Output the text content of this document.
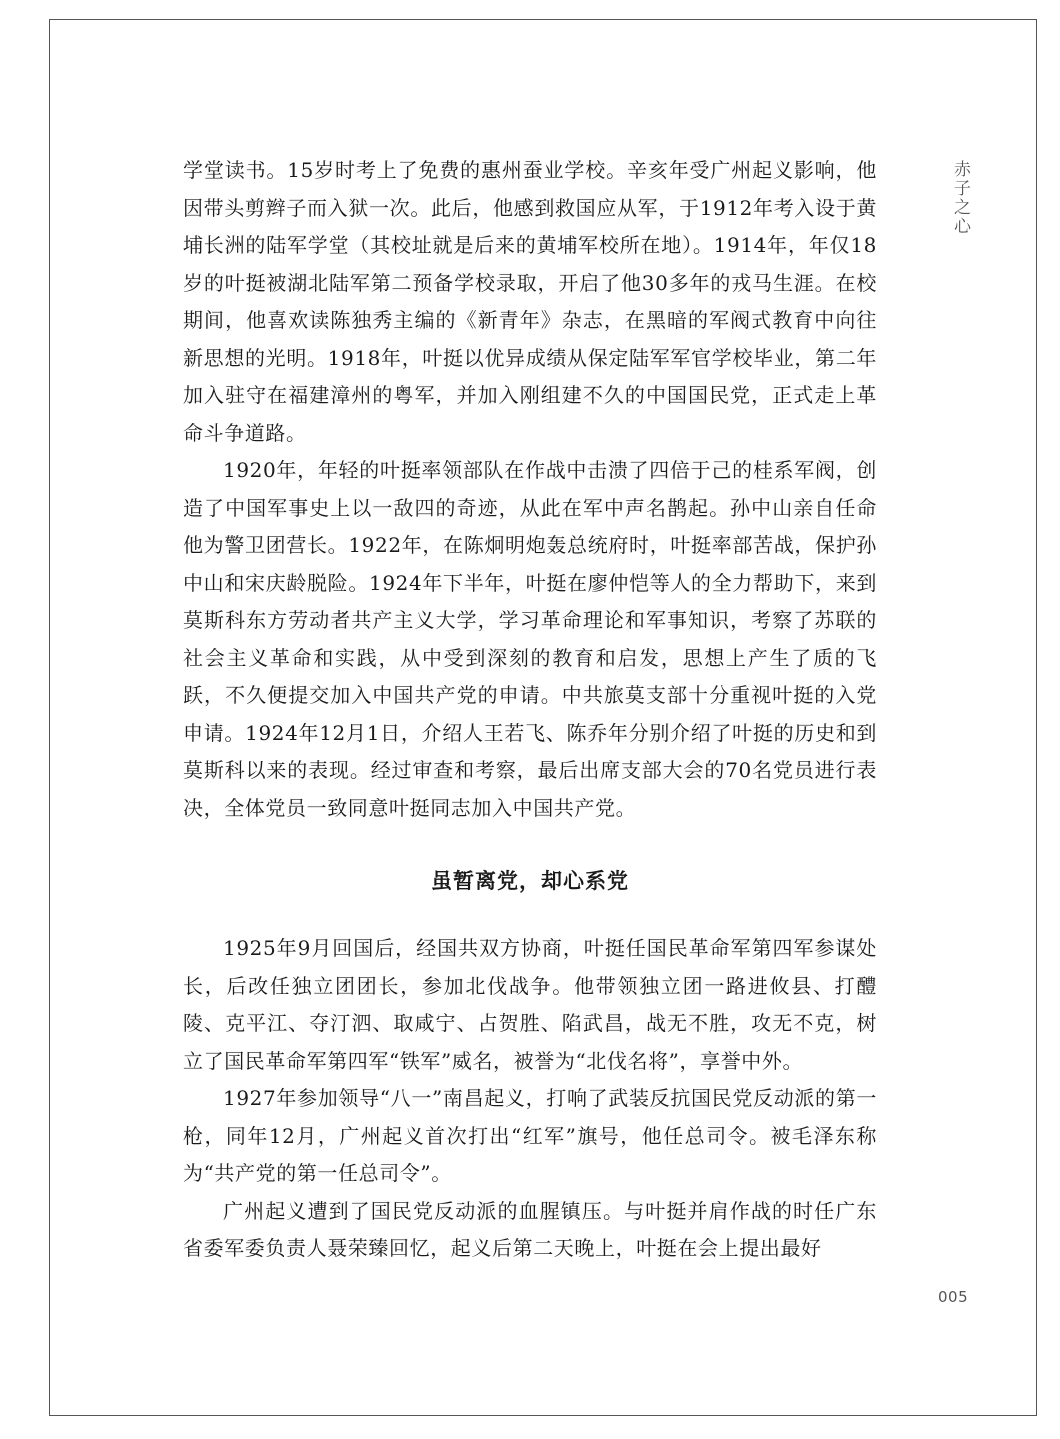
赤子之心

学堂读书。15岁时考上了免费的惠州蚕业学校。辛亥年受广州起义影响，他因带头剪辫子而入狱一次。此后，他感到救国应从军，于1912年考入设于黄埔长洲的陆军学堂（其校址就是后来的黄埔军校所在地）。1914年，年仅18岁的叶挺被湖北陆军第二预备学校录取，开启了他30多年的戎马生涯。在校期间，他喜欢读陈独秀主编的《新青年》杂志，在黑暗的军阀式教育中向往新思想的光明。1918年，叶挺以优异成绩从保定陆军军官学校毕业，第二年加入驻守在福建漳州的粤军，并加入刚组建不久的中国国民党，正式走上革命斗争道路。

1920年，年轻的叶挺率领部队在作战中击溃了四倍于己的桂系军阀，创造了中国军事史上以一敌四的奇迹，从此在军中声名鹊起。孙中山亲自任命他为警卫团营长。1922年，在陈炯明炮轰总统府时，叶挺率部苦战，保护孙中山和宋庆龄脱险。1924年下半年，叶挺在廖仲恺等人的全力帮助下，来到莫斯科东方劳动者共产主义大学，学习革命理论和军事知识，考察了苏联的社会主义革命和实践，从中受到深刻的教育和启发，思想上产生了质的飞跃，不久便提交加入中国共产党的申请。中共旅莫支部十分重视叶挺的入党申请。1924年12月1日，介绍人王若飞、陈乔年分别介绍了叶挺的历史和到莫斯科以来的表现。经过审查和考察，最后出席支部大会的70名党员进行表决，全体党员一致同意叶挺同志加入中国共产党。

虽暂离党，却心系党

1925年9月回国后，经国共双方协商，叶挺任国民革命军第四军参谋处长，后改任独立团团长，参加北伐战争。他带领独立团一路进攸县、打醴陵、克平江、夺汀泗、取咸宁、占贺胜、陷武昌，战无不胜，攻无不克，树立了国民革命军第四军“铁军”威名，被誉为“北伐名将”，享誉中外。

1927年参加领导“八一”南昌起义，打响了武装反抗国民党反动派的第一枪，同年12月，广州起义首次打出“红军”旗号，他任总司令。被毛泽东称为“共产党的第一任总司令”。

广州起义遭到了国民党反动派的血腥镇压。与叶挺并肩作战的时任广东省委军委负责人聂荣臻回忆，起义后第二天晚上，叶挺在会上提出最好

005
